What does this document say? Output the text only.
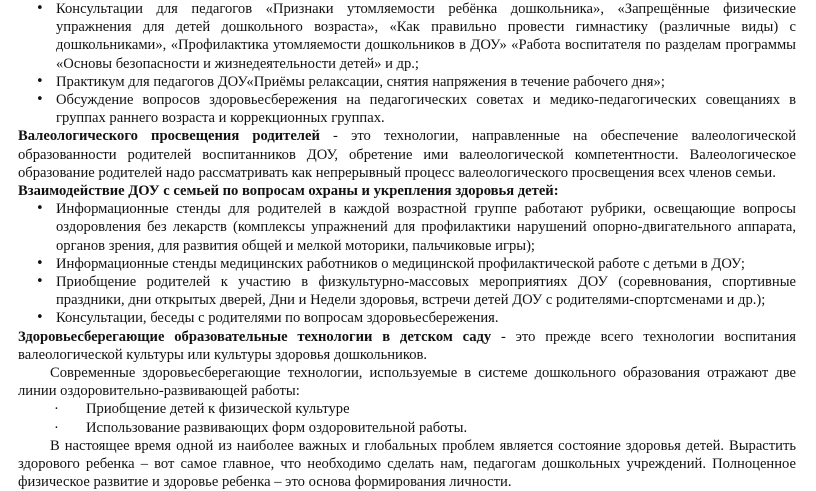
• Консультации для педагогов «Признаки утомляемости ребёнка дошкольника», «Запрещённые физические упражнения для детей дошкольного возраста», «Как правильно провести гимнастику (различные виды) с дошкольниками», «Профилактика утомляемости дошкольников в ДОУ» «Работа воспитателя по разделам программы «Основы безопасности и жизнедеятельности детей» и др.;
• Практикум для педагогов ДОУ«Приёмы релаксации, снятия напряжения в течение рабочего дня»;
• Обсуждение вопросов здоровьесбережения на педагогических советах и медико-педагогических совещаниях в группах раннего возраста и коррекционных группах.

Валеологического просвещения родителей - это технологии, направленные на обеспечение валеологической образованности родителей воспитанников ДОУ, обретение ими валеологической компетентности. Валеологическое образование родителей надо рассматривать как непрерывный процесс валеологического просвещения всех членов семьи.

Взаимодействие ДОУ с семьей по вопросам охраны и укрепления здоровья детей:

• Информационные стенды для родителей в каждой возрастной группе работают рубрики, освещающие вопросы оздоровления без лекарств (комплексы упражнений для профилактики нарушений опорно-двигательного аппарата, органов зрения, для развития общей и мелкой моторики, пальчиковые игры);
• Информационные стенды медицинских работников о медицинской профилактической работе с детьми в ДОУ;
• Приобщение родителей к участию в физкультурно-массовых мероприятиях ДОУ (соревнования, спортивные праздники, дни открытых дверей, Дни и Недели здоровья, встречи детей ДОУ с родителями-спортсменами и др.);
• Консультации, беседы с родителями по вопросам здоровьесбережения.

Здоровьесберегающие образовательные технологии в детском саду - это прежде всего технологии воспитания валеологической культуры или культуры здоровья дошкольников.

Современные здоровьесберегающие технологии, используемые в системе дошкольного образования отражают две линии оздоровительно-развивающей работы:

· Приобщение детей к физической культуре
· Использование развивающих форм оздоровительной работы.

В настоящее время одной из наиболее важных и глобальных проблем является состояние здоровья детей. Вырастить здорового ребенка – вот самое главное, что необходимо сделать нам, педагогам дошкольных учреждений. Полноценное физическое развитие и здоровье ребенка – это основа формирования личности.
